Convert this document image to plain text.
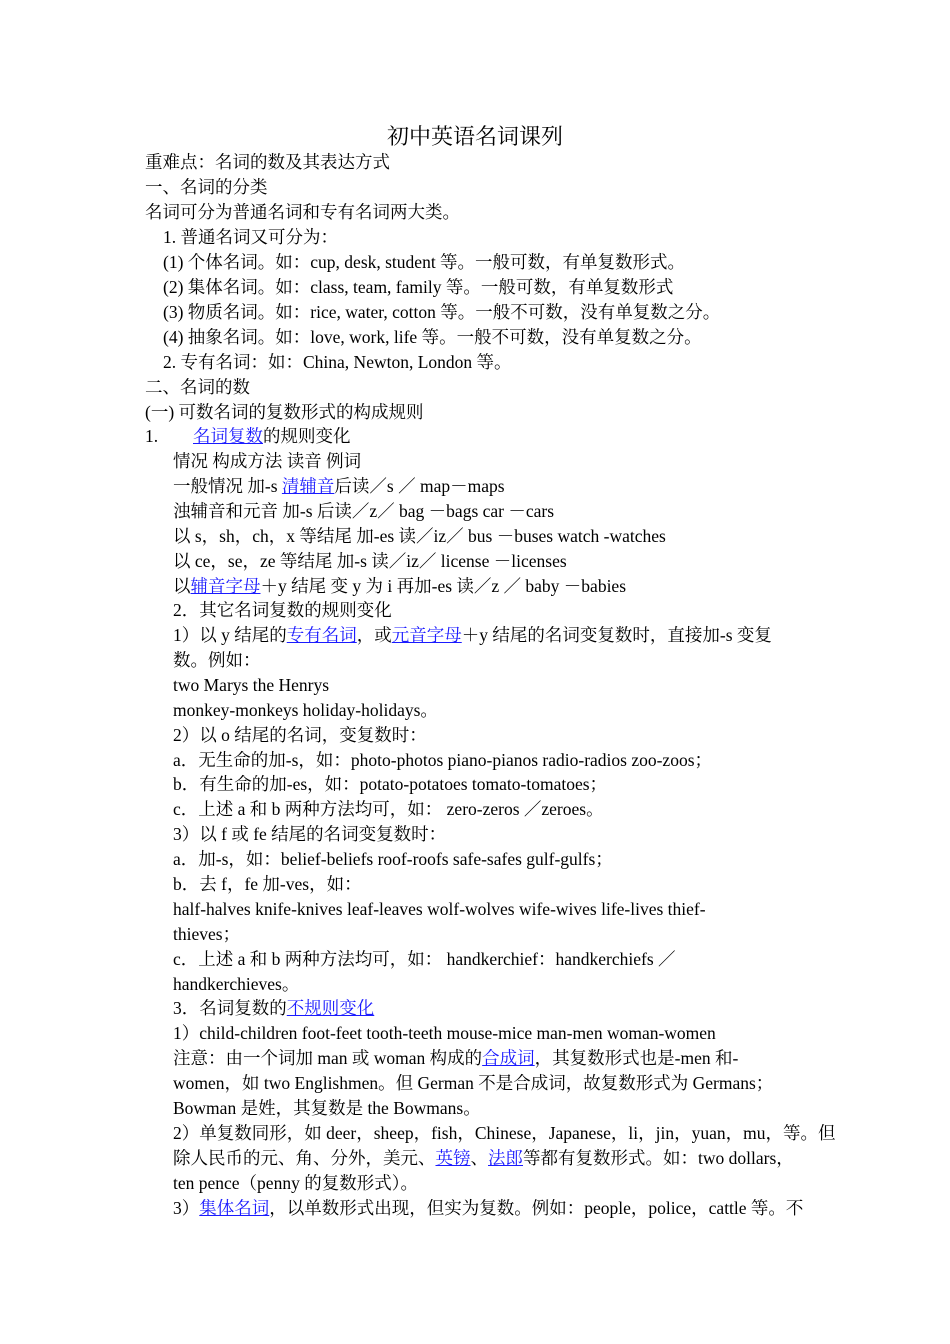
初中英语名词课列
重难点：名词的数及其表达方式
一、名词的分类
名词可分为普通名词和专有名词两大类。
1. 普通名词又可分为：
(1) 个体名词。如：cup, desk, student 等。一般可数，有单复数形式。
(2) 集体名词。如：class, team, family 等。一般可数，有单复数形式
(3) 物质名词。如：rice, water, cotton 等。一般不可数，没有单复数之分。
(4) 抽象名词。如：love, work, life 等。一般不可数，没有单复数之分。
2. 专有名词：如：China, Newton, London 等。
二、名词的数
(一) 可数名词的复数形式的构成规则
1. 名词复数的规则变化
情况 构成方法 读音 例词
一般情况 加-s 清辅音后读／s ／ map－maps
浊辅音和元音 加-s 后读／z／ bag －bags car －cars
以 s，sh，ch，x 等结尾 加-es 读／iz／ bus －buses watch -watches
以 ce，se，ze 等结尾 加-s 读／iz／ license －licenses
以辅音字母＋y 结尾 变 y 为 i 再加-es 读／z ／ baby －babies
2．其它名词复数的规则变化
1）以 y 结尾的专有名词，或元音字母＋y 结尾的名词变复数时，直接加-s 变复
数。例如：
two Marys the Henrys
monkey-monkeys holiday-holidays。
2）以 o 结尾的名词，变复数时：
a．无生命的加-s，如：photo-photos piano-pianos radio-radios zoo-zoos；
b．有生命的加-es，如：potato-potatoes tomato-tomatoes；
c．上述 a 和 b 两种方法均可，如： zero-zeros ／zeroes。
3）以 f 或 fe 结尾的名词变复数时：
a．加-s，如：belief-beliefs roof-roofs safe-safes gulf-gulfs；
b．去 f，fe 加-ves，如：
half-halves knife-knives leaf-leaves wolf-wolves wife-wives life-lives thief-
thieves；
c．上述 a 和 b 两种方法均可，如： handkerchief：handkerchiefs ／
handkerchieves。
3．名词复数的不规则变化
1）child-children foot-feet tooth-teeth mouse-mice man-men woman-women
注意：由一个词加 man 或 woman 构成的合成词，其复数形式也是-men 和-
women，如 two Englishmen。但 German 不是合成词，故复数形式为 Germans；
Bowman 是姓，其复数是 the Bowmans。
2）单复数同形，如 deer，sheep，fish，Chinese，Japanese，li，jin，yuan，mu，等。但
除人民币的元、角、分外，美元、英镑、法郎等都有复数形式。如：two dollars，
ten pence（penny 的复数形式）。
3）集体名词，以单数形式出现，但实为复数。例如：people，police，cattle 等。不
